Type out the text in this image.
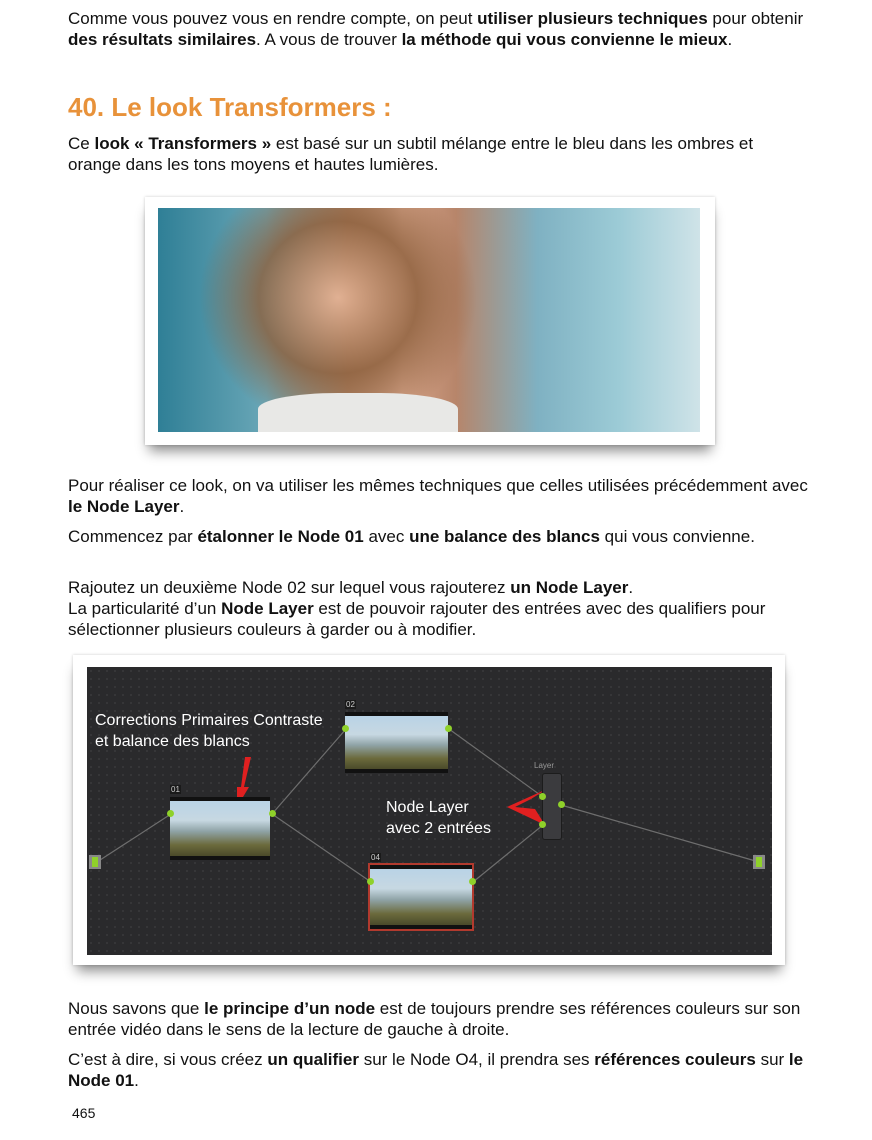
Comme vous pouvez vous en rendre compte, on peut utiliser plusieurs techniques pour obtenir des résultats similaires. A vous de trouver la méthode qui vous convienne le mieux.

40. Le look Transformers :

Ce look « Transformers » est basé sur un subtil mélange entre le bleu dans les ombres et orange dans les tons moyens et hautes lumières.

Pour réaliser ce look, on va utiliser les mêmes techniques que celles utilisées précédemment avec le Node Layer.

Commencez par étalonner le Node 01 avec une balance des blancs qui vous convienne.

Rajoutez un deuxième Node 02 sur lequel vous rajouterez un Node Layer.
La particularité d’un Node Layer est de pouvoir rajouter des entrées avec des qualifiers pour sélectionner plusieurs couleurs à garder ou à modifier.

01
02
04
Layer
Corrections Primaires Contraste
et balance des blancs
Node Layer
avec 2 entrées

Nous savons que le principe d’un node est de toujours prendre ses références couleurs sur son entrée vidéo dans le sens de la lecture de gauche à droite.

C’est à dire, si vous créez un qualifier sur le Node O4, il prendra ses références couleurs sur le Node 01.

465
